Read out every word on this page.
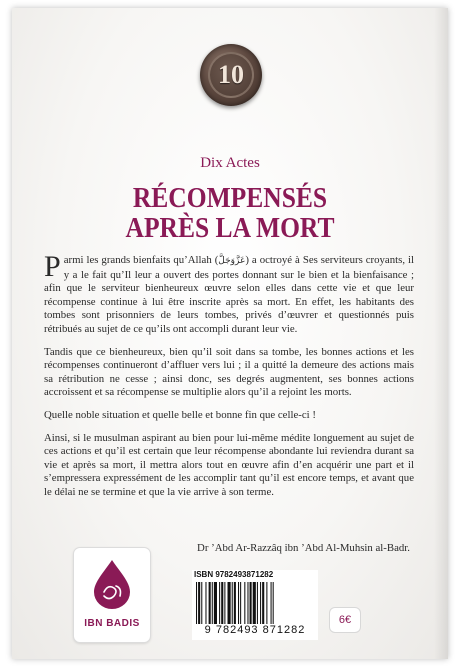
10
Dix Actes
RÉCOMPENSÉS
APRÈS LA MORT

Parmi les grands bienfaits qu’Allah (عَزَّوَجَلَّ) a octroyé à Ses serviteurs croyants, il y a le fait qu’Il leur a ouvert des portes donnant sur le bien et la bienfaisance ; afin que le serviteur bienheureux œuvre selon elles dans cette vie et que leur récompense continue à lui être inscrite après sa mort. En effet, les habitants des tombes sont prisonniers de leurs tombes, privés d’œuvrer et questionnés puis rétribués au sujet de ce qu’ils ont accompli durant leur vie.

Tandis que ce bienheureux, bien qu’il soit dans sa tombe, les bonnes actions et les récompenses continueront d’affluer vers lui ; il a quitté la demeure des actions mais sa rétribution ne cesse ; ainsi donc, ses degrés augmentent, ses bonnes actions accroissent et sa récompense se multiplie alors qu’il a rejoint les morts.

Quelle noble situation et quelle belle et bonne fin que celle-ci !

Ainsi, si le musulman aspirant au bien pour lui-même médite longuement au sujet de ces actions et qu’il est certain que leur récompense abondante lui reviendra durant sa vie et après sa mort, il mettra alors tout en œuvre afin d’en acquérir une part et il s’empressera expressément de les accomplir tant qu’il est encore temps, et avant que le délai ne se termine et que la vie arrive à son terme.

Dr ’Abd Ar-Razzâq ibn ’Abd Al-Muhsin al-Badr.
IBN BADIS
ISBN 9782493871282
9 782493 871282
6€
